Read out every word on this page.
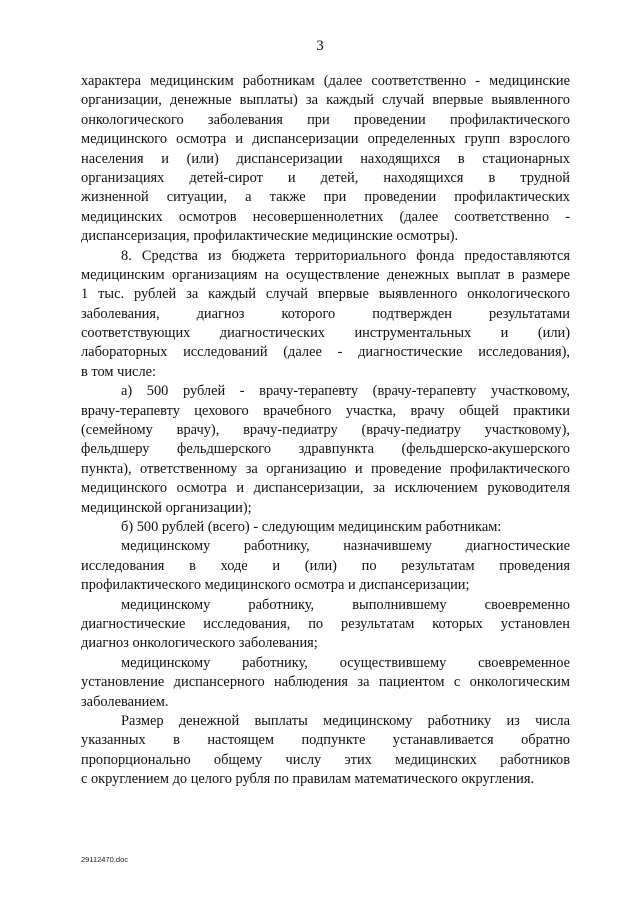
3
характера медицинским работникам (далее соответственно - медицинские
организации, денежные выплаты) за каждый случай впервые выявленного
онкологического заболевания при проведении профилактического
медицинского осмотра и диспансеризации определенных групп взрослого
населения и (или) диспансеризации находящихся в стационарных
организациях детей-сирот и детей, находящихся в трудной
жизненной ситуации, а также при проведении профилактических
медицинских осмотров несовершеннолетних (далее соответственно -
диспансеризация, профилактические медицинские осмотры).
8. Средства из бюджета территориального фонда предоставляются
медицинским организациям на осуществление денежных выплат в размере
1 тыс. рублей за каждый случай впервые выявленного онкологического
заболевания, диагноз которого подтвержден результатами
соответствующих диагностических инструментальных и (или)
лабораторных исследований (далее - диагностические исследования),
в том числе:
а) 500 рублей - врачу-терапевту (врачу-терапевту участковому,
врачу-терапевту цехового врачебного участка, врачу общей практики
(семейному врачу), врачу-педиатру (врачу-педиатру участковому),
фельдшеру фельдшерского здравпункта (фельдшерско-акушерского
пункта), ответственному за организацию и проведение профилактического
медицинского осмотра и диспансеризации, за исключением руководителя
медицинской организации);
б) 500 рублей (всего) - следующим медицинским работникам:
медицинскому работнику, назначившему диагностические
исследования в ходе и (или) по результатам проведения
профилактического медицинского осмотра и диспансеризации;
медицинскому работнику, выполнившему своевременно
диагностические исследования, по результатам которых установлен
диагноз онкологического заболевания;
медицинскому работнику, осуществившему своевременное
установление диспансерного наблюдения за пациентом с онкологическим
заболеванием.
Размер денежной выплаты медицинскому работнику из числа
указанных в настоящем подпункте устанавливается обратно
пропорционально общему числу этих медицинских работников
с округлением до целого рубля по правилам математического округления.
29112470.doc
